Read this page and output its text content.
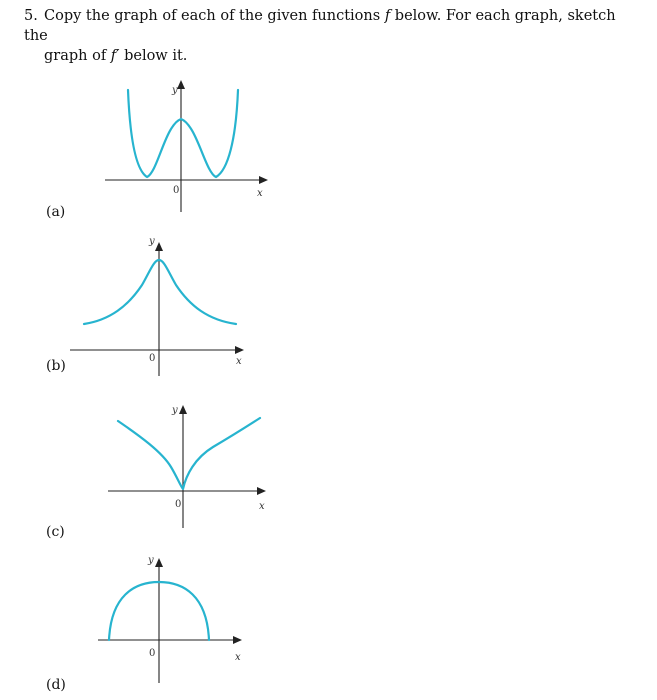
5. Copy the graph of each of the given functions f below. For each graph, sketch the
graph of f′ below it.
(a)
(b)
(c)
(d)
y
x
0
y
x
0
y
x
0
y
x
0
